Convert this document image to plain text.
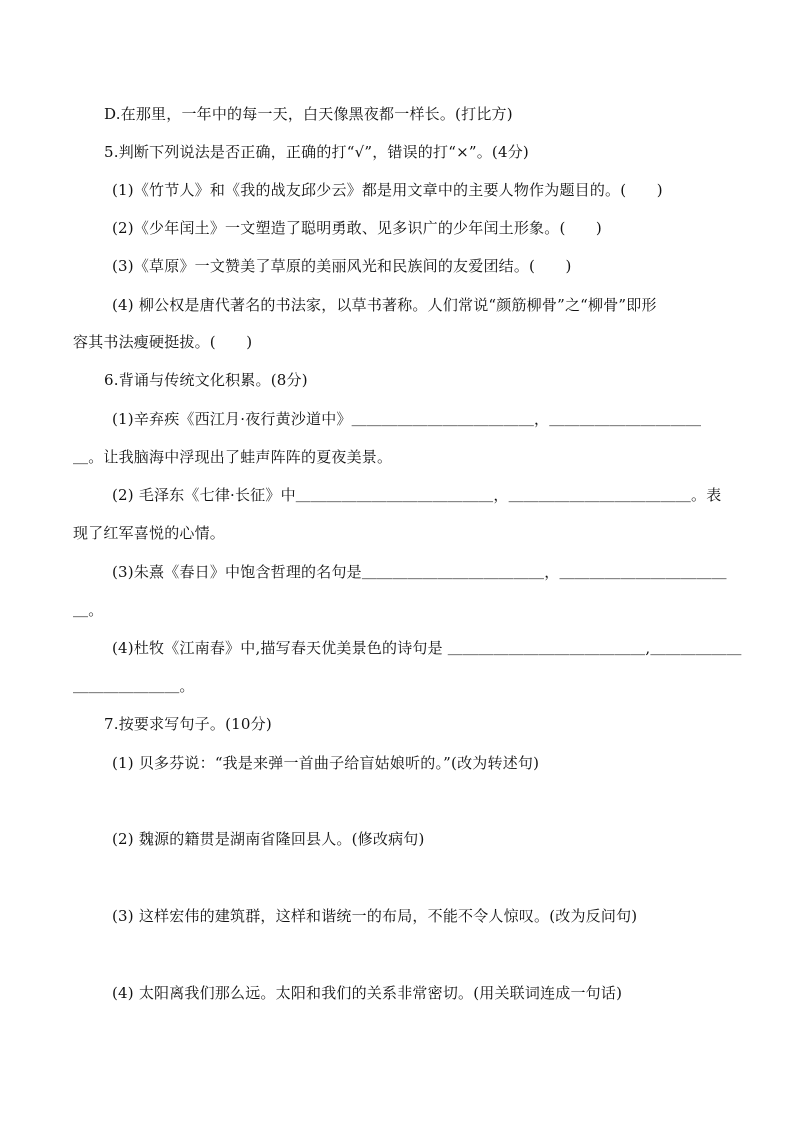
D.在那里，一年中的每一天，白天像黑夜都一样长。(打比方)
5.判断下列说法是否正确，正确的打“√”，错误的打“×”。(4分)
(1)《竹节人》和《我的战友邱少云》都是用文章中的主要人物作为题目的。(　　)
(2)《少年闰土》一文塑造了聪明勇敢、见多识广的少年闰土形象。(　　)
(3)《草原》一文赞美了草原的美丽风光和民族间的友爱团结。(　　)
(4) 柳公权是唐代著名的书法家，以草书著称。人们常说“颜筋柳骨”之“柳骨”即形
容其书法瘦硬挺拔。(　　)
6.背诵与传统文化积累。(8分)
(1)辛弃疾《西江月·夜行黄沙道中》＿＿＿＿＿＿＿＿＿＿＿＿，＿＿＿＿＿＿＿＿＿＿
＿。让我脑海中浮现出了蛙声阵阵的夏夜美景。
(2) 毛泽东《七律·长征》中＿＿＿＿＿＿＿＿＿＿＿＿＿，＿＿＿＿＿＿＿＿＿＿＿＿。表
现了红军喜悦的心情。
(3)朱熹《春日》中饱含哲理的名句是＿＿＿＿＿＿＿＿＿＿＿＿，＿＿＿＿＿＿＿＿＿＿＿
＿。
(4)杜牧《江南春》中,描写春天优美景色的诗句是 ＿＿＿＿＿＿＿＿＿＿＿＿＿,＿＿＿＿＿＿
＿＿＿＿＿＿＿。
7.按要求写句子。(10分)
(1) 贝多芬说：“我是来弹一首曲子给盲姑娘听的。”(改为转述句)
(2) 魏源的籍贯是湖南省隆回县人。(修改病句)
(3) 这样宏伟的建筑群，这样和谐统一的布局，不能不令人惊叹。(改为反问句)
(4) 太阳离我们那么远。太阳和我们的关系非常密切。(用关联词连成一句话)
